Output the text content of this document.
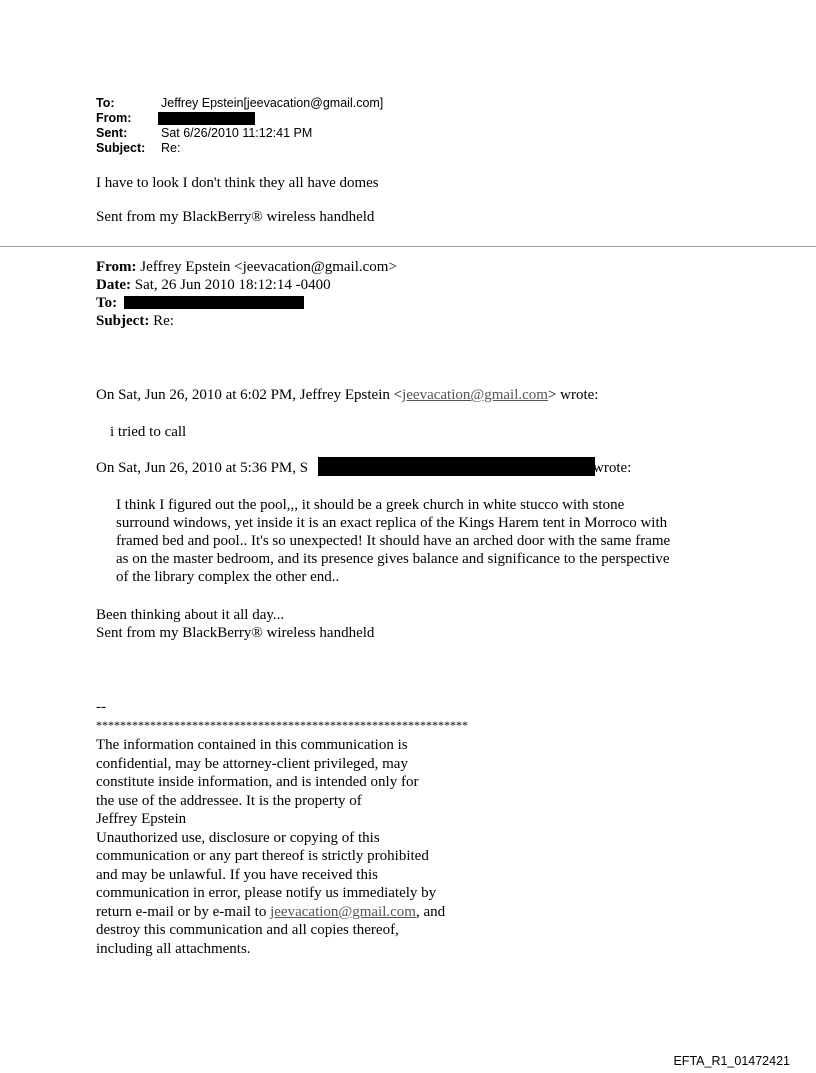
To:	Jeffrey Epstein[jeevacation@gmail.com]
From:
Sent:	Sat 6/26/2010 11:12:41 PM
Subject: Re:
I have to look I don't think they all have domes
Sent from my BlackBerry® wireless handheld
From: Jeffrey Epstein <jeevacation@gmail.com>
Date: Sat, 26 Jun 2010 18:12:14 -0400
To:
Subject: Re:
On Sat, Jun 26, 2010 at 6:02 PM, Jeffrey Epstein <jeevacation@gmail.com> wrote:
i tried to call
On Sat, Jun 26, 2010 at 5:36 PM, S	wrote:
I think I figured out the pool,,, it should be a greek church in white stucco with stone
surround windows, yet inside it is an exact replica of the Kings Harem tent in Morroco with
framed bed and pool.. It's so unexpected! It should have an arched door with the same frame
as on the master bedroom, and its presence gives balance and significance to the perspective
of the library complex the other end..
Been thinking about it all day...
Sent from my BlackBerry® wireless handheld
--
**************************************************************
The information contained in this communication is
confidential, may be attorney-client privileged, may
constitute inside information, and is intended only for
the use of the addressee. It is the property of
Jeffrey Epstein
Unauthorized use, disclosure or copying of this
communication or any part thereof is strictly prohibited
and may be unlawful. If you have received this
communication in error, please notify us immediately by
return e-mail or by e-mail to jeevacation@gmail.com, and
destroy this communication and all copies thereof,
including all attachments.
EFTA_R1_01472421
